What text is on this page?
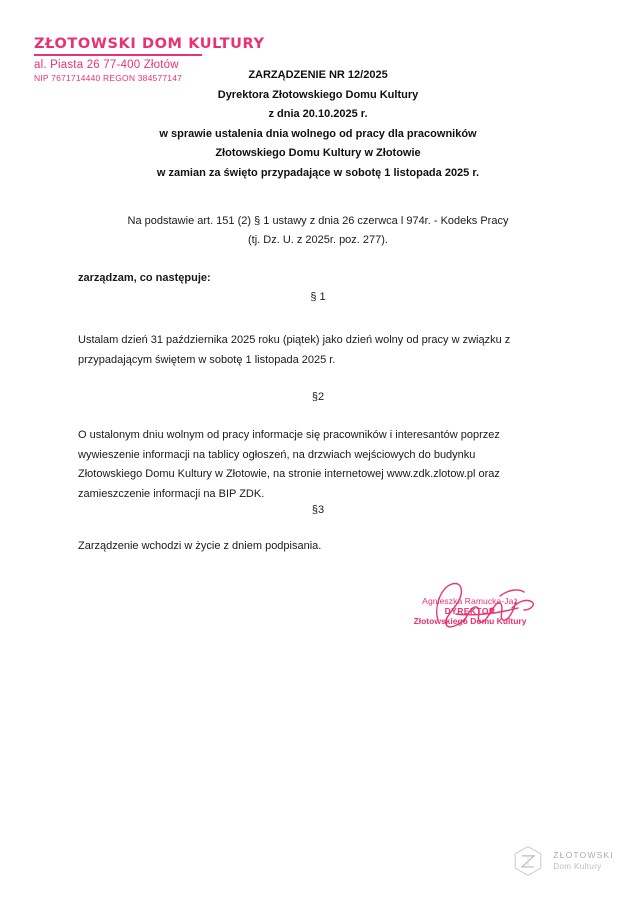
ZŁOTOWSKI DOM KULTURY
al. Piasta 26 77-400 Złotów
NIP 7671714440 REGON 384577147	ZARZĄDZENIE NR 12/2025
Dyrektora Złotowskiego Domu Kultury
z dnia 20.10.2025 r.
w sprawie ustalenia dnia wolnego od pracy dla pracowników
Złotowskiego Domu Kultury w Złotowie
w zamian za święto przypadające w sobotę 1 listopada 2025 r.
Na podstawie art. 151 (2) § 1 ustawy z dnia 26 czerwca l 974r. - Kodeks Pracy
(tj. Dz. U. z 2025r. poz. 277).
zarządzam, co następuje:
§ 1
Ustalam dzień 31 października 2025 roku (piątek) jako dzień wolny od pracy w związku z przypadającym świętem w sobotę 1 listopada 2025 r.
§2
O ustalonym dniu wolnym od pracy informacje się pracowników i interesantów poprzez wywieszenie informacji na tablicy ogłoszeń, na drzwiach wejściowych do budynku Złotowskiego Domu Kultury w Złotowie, na stronie internetowej www.zdk.zlotow.pl oraz zamieszczenie informacji na BIP ZDK.
§3
Zarządzenie wchodzi w życie z dniem podpisania.
Agnieszka Ramucka-Jaż
DYREKTOR
Złotowskiego Domu Kultury
ZŁOTOWSKI
Dom Kultury
